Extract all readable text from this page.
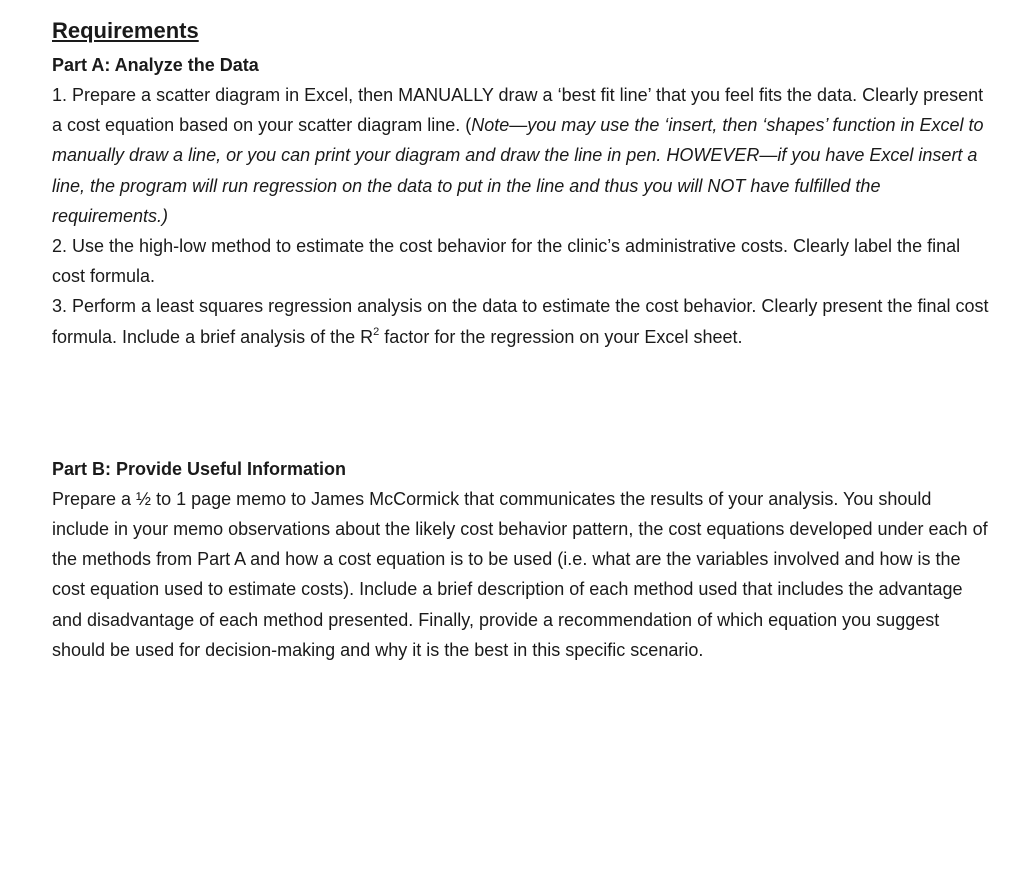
Requirements
Part A: Analyze the Data

1. Prepare a scatter diagram in Excel, then MANUALLY draw a ‘best fit line’ that you feel fits the data. Clearly present a cost equation based on your scatter diagram line. (Note—you may use the ‘insert, then ‘shapes’ function in Excel to manually draw a line, or you can print your diagram and draw the line in pen. HOWEVER—if you have Excel insert a line, the program will run regression on the data to put in the line and thus you will NOT have fulfilled the requirements.)

2. Use the high-low method to estimate the cost behavior for the clinic’s administrative costs. Clearly label the final cost formula.

3. Perform a least squares regression analysis on the data to estimate the cost behavior. Clearly present the final cost formula. Include a brief analysis of the $R^2$ factor for the regression on your Excel sheet.

Part B: Provide Useful Information

Prepare a ½ to 1 page memo to James McCormick that communicates the results of your analysis. You should include in your memo observations about the likely cost behavior pattern, the cost equations developed under each of the methods from Part A and how a cost equation is to be used (i.e. what are the variables involved and how is the cost equation used to estimate costs). Include a brief description of each method used that includes the advantage and disadvantage of each method presented. Finally, provide a recommendation of which equation you suggest should be used for decision-making and why it is the best in this specific scenario.
